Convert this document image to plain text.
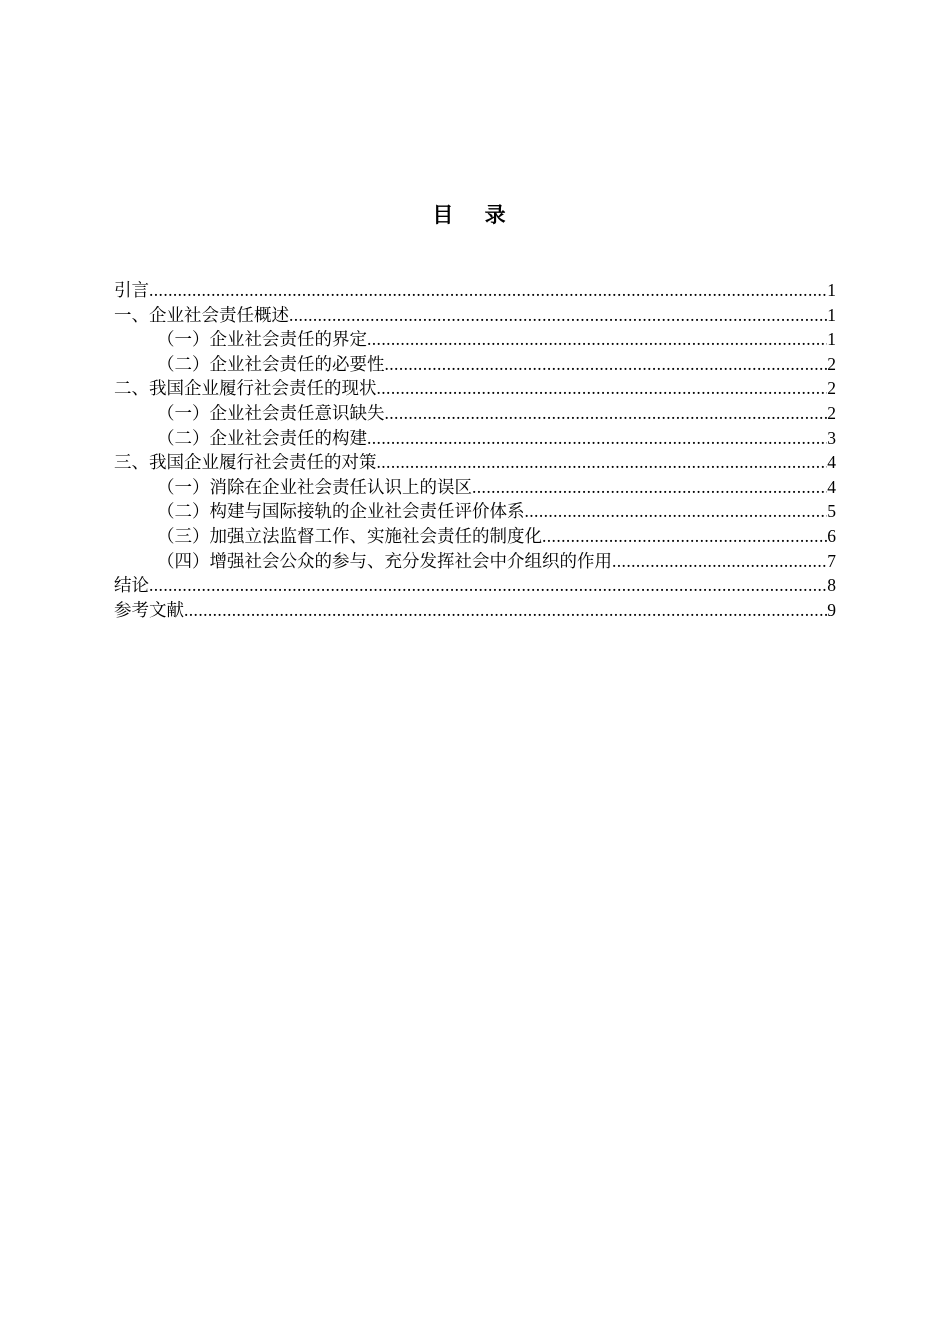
目 录
引言 .....	1
一、企业社会责任概述 .....	1
（一）企业社会责任的界定 .....	1
（二）企业社会责任的必要性 .....	2
二、我国企业履行社会责任的现状 .....	2
（一）企业社会责任意识缺失 .....	2
（二）企业社会责任的构建 .....	3
三、我国企业履行社会责任的对策 .....	4
（一）消除在企业社会责任认识上的误区 .....	4
（二）构建与国际接轨的企业社会责任评价体系 .....	5
（三）加强立法监督工作、实施社会责任的制度化 .....	6
（四）增强社会公众的参与、充分发挥社会中介组织的作用 .....	7
结论 .....	8
参考文献 .....	9
